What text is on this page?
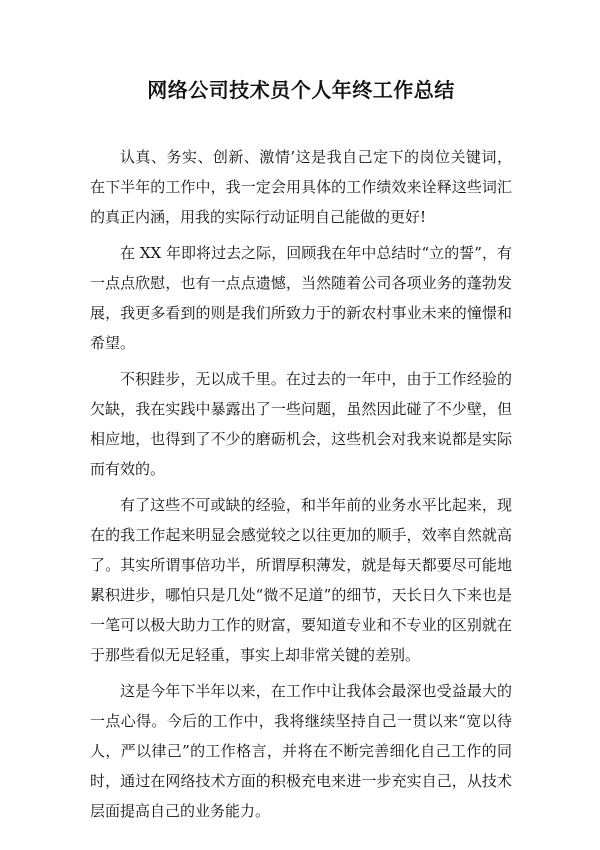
网络公司技术员个人年终工作总结

认真、务实、创新、激情’这是我自己定下的岗位关键词，在下半年的工作中，我一定会用具体的工作绩效来诠释这些词汇的真正内涵，用我的实际行动证明自己能做的更好!

在 XX 年即将过去之际，回顾我在年中总结时“立的誓”，有一点点欣慰，也有一点点遗憾，当然随着公司各项业务的蓬勃发展，我更多看到的则是我们所致力于的新农村事业未来的憧憬和希望。

不积跬步，无以成千里。在过去的一年中，由于工作经验的欠缺，我在实践中暴露出了一些问题，虽然因此碰了不少壁，但相应地，也得到了不少的磨砺机会，这些机会对我来说都是实际而有效的。

有了这些不可或缺的经验，和半年前的业务水平比起来，现在的我工作起来明显会感觉较之以往更加的顺手，效率自然就高了。其实所谓事倍功半，所谓厚积薄发，就是每天都要尽可能地累积进步，哪怕只是几处“微不足道”的细节，天长日久下来也是一笔可以极大助力工作的财富，要知道专业和不专业的区别就在于那些看似无足轻重，事实上却非常关键的差别。

这是今年下半年以来，在工作中让我体会最深也受益最大的一点心得。今后的工作中，我将继续坚持自己一贯以来“宽以待人，严以律己”的工作格言，并将在不断完善细化自己工作的同时，通过在网络技术方面的积极充电来进一步充实自己，从技术层面提高自己的业务能力。
